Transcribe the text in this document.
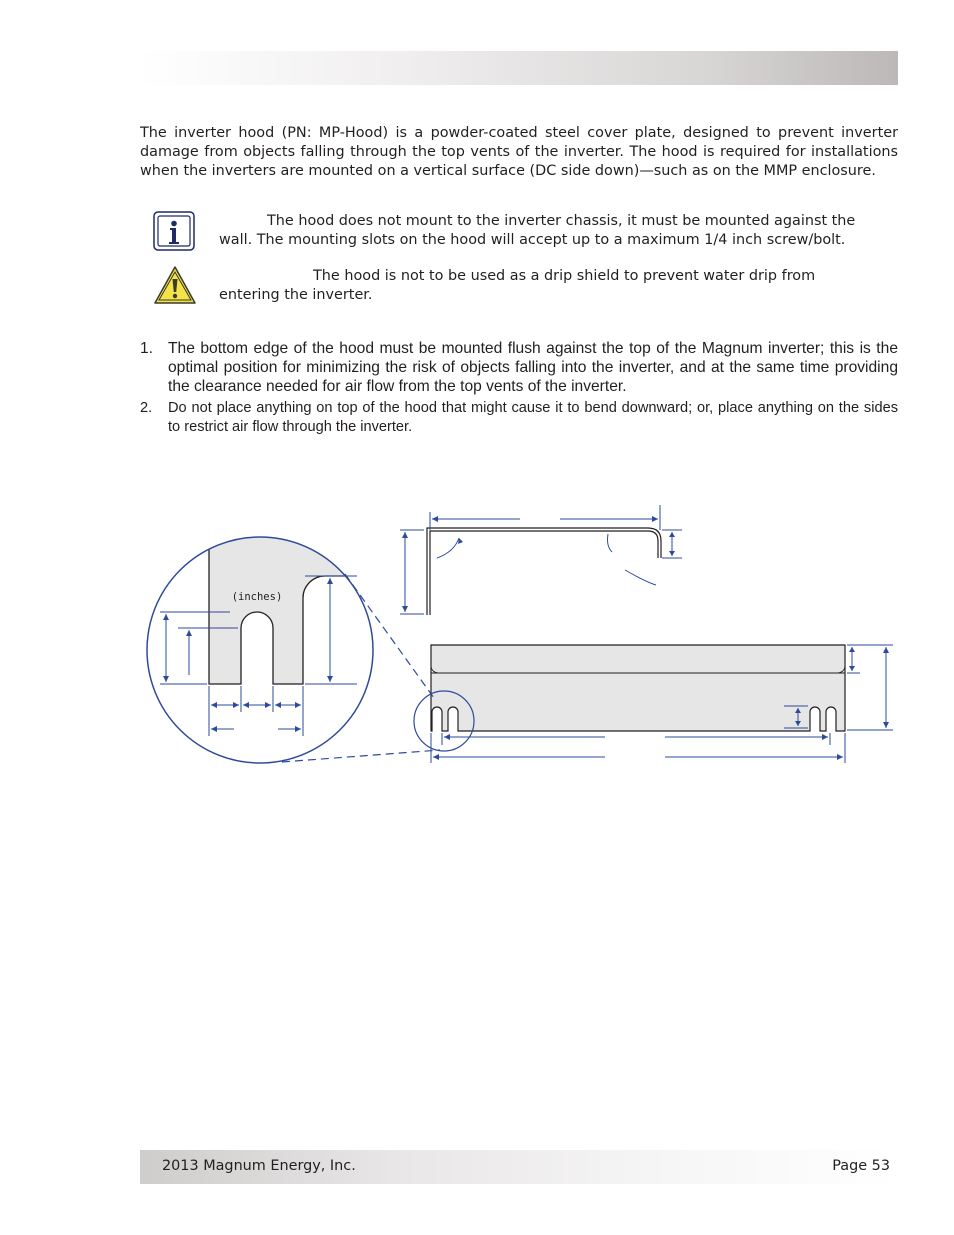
The inverter hood (PN: MP-Hood) is a powder-coated steel cover plate, designed to prevent inverter damage from objects falling through the top vents of the inverter. The hood is required for installations when the inverters are mounted on a vertical surface (DC side down)—such as on the MMP enclosure.

The hood does not mount to the inverter chassis, it must be mounted against the
wall. The mounting slots on the hood will accept up to a maximum 1/4 inch screw/bolt.

The hood is not to be used as a drip shield to prevent water drip from
entering the inverter.

1. The bottom edge of the hood must be mounted flush against the top of the Magnum inverter; this is the optimal position for minimizing the risk of objects falling into the inverter, and at the same time providing the clearance needed for air flow from the top vents of the inverter.
2. Do not place anything on top of the hood that might cause it to bend downward; or, place anything on the sides to restrict air flow through the inverter.
(inches)
2013 Magnum Energy, Inc.	Page 53
